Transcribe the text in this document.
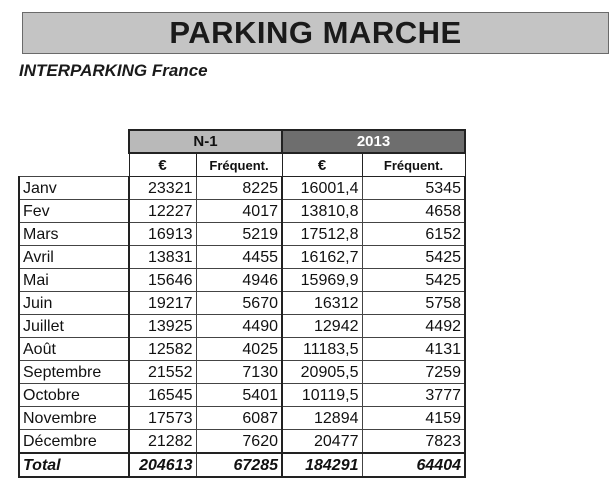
PARKING MARCHE
INTERPARKING France
	N-1		2013	
	€	Fréquent.	€	Fréquent.
Janv	23321	8225	16001,4	5345
Fev	12227	4017	13810,8	4658
Mars	16913	5219	17512,8	6152
Avril	13831	4455	16162,7	5425
Mai	15646	4946	15969,9	5425
Juin	19217	5670	16312	5758
Juillet	13925	4490	12942	4492
Août	12582	4025	11183,5	4131
Septembre	21552	7130	20905,5	7259
Octobre	16545	5401	10119,5	3777
Novembre	17573	6087	12894	4159
Décembre	21282	7620	20477	7823
Total	204613	67285	184291	64404
